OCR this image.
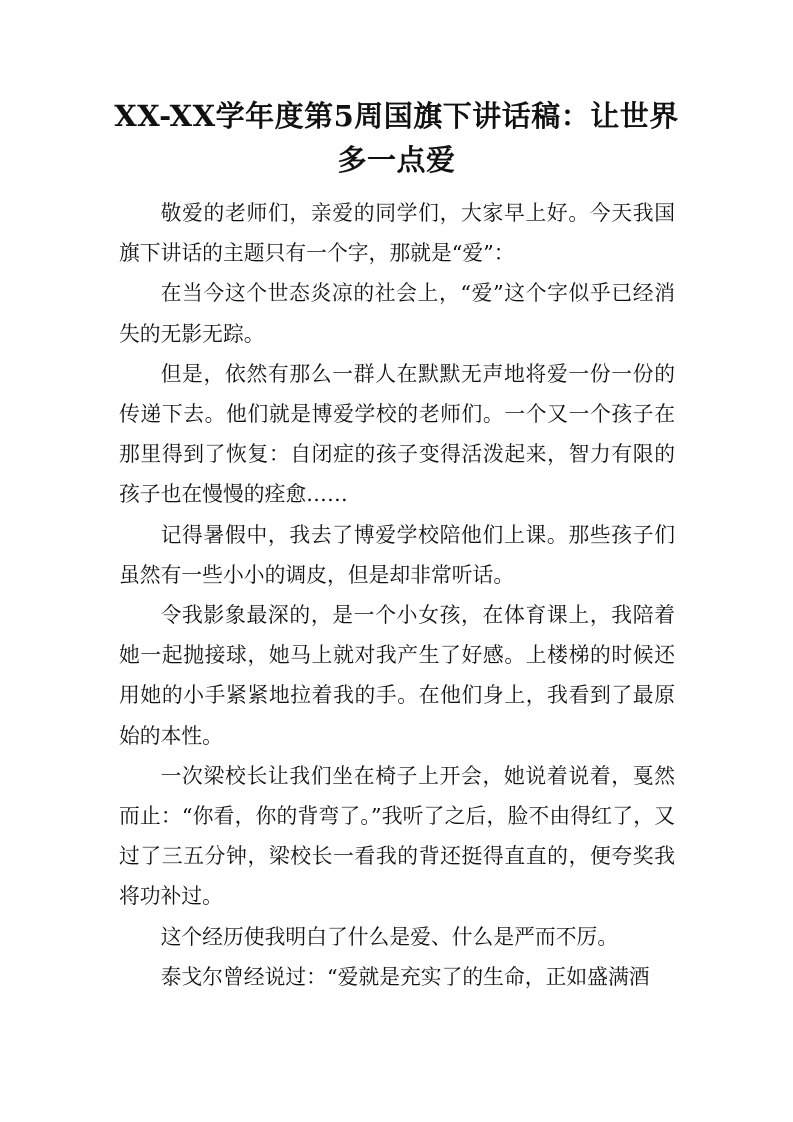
XX-XX学年度第5周国旗下讲话稿：让世界多一点爱

敬爱的老师们，亲爱的同学们，大家早上好。今天我国旗下讲话的主题只有一个字，那就是“爱”：

在当今这个世态炎凉的社会上，“爱”这个字似乎已经消失的无影无踪。

但是，依然有那么一群人在默默无声地将爱一份一份的传递下去。他们就是博爱学校的老师们。一个又一个孩子在那里得到了恢复：自闭症的孩子变得活泼起来，智力有限的孩子也在慢慢的痊愈……

记得暑假中，我去了博爱学校陪他们上课。那些孩子们虽然有一些小小的调皮，但是却非常听话。

令我影象最深的，是一个小女孩，在体育课上，我陪着她一起抛接球，她马上就对我产生了好感。上楼梯的时候还用她的小手紧紧地拉着我的手。在他们身上，我看到了最原始的本性。

一次梁校长让我们坐在椅子上开会，她说着说着，戛然而止：“你看，你的背弯了。”我听了之后，脸不由得红了，又过了三五分钟，梁校长一看我的背还挺得直直的，便夸奖我将功补过。

这个经历使我明白了什么是爱、什么是严而不厉。

泰戈尔曾经说过：“爱就是充实了的生命，正如盛满酒
